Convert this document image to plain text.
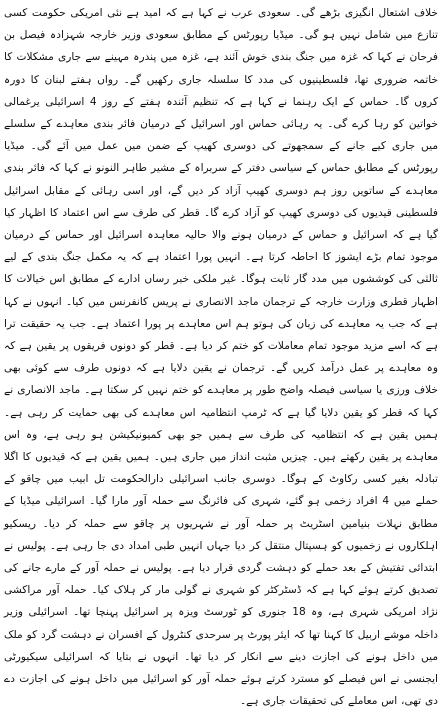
خلاف اشتعال انگیزی بڑھے گی۔ سعودی عرب نے کہا ہے کہ امید ہے نئی امریکی حکومت کسی تنازع میں شامل نہیں ہو گی۔ میڈیا رپورٹس کے مطابق سعودی وزیر خارجہ شہزادہ فیصل بن فرحان نے کہا کہ غزہ میں جنگ بندی خوش آئند ہے، غزہ میں پندرہ مہینے سے جاری مشکلات کا خاتمہ ضروری تھا، فلسطینیوں کی مدد کا سلسلہ جاری رکھیں گے۔ رواں ہفتے لبنان کا دورہ کروں گا۔ حماس کے ایک رہنما نے کہا ہے کہ تنظیم آئندہ ہفتے کے روز 4 اسرائیلی یرغمالی خواتین کو رہا کرے گی۔ یہ رہائی حماس اور اسرائیل کے درمیان فائر بندی معاہدے کے سلسلے میں جاری کیے جانے کے سمجھوتے کی دوسری کھیپ کے ضمن میں عمل میں آئے گی۔ میڈیا رپورٹس کے مطابق حماس کے سیاسی دفتر کے سربراہ کے مشیر طاہر النونو نے کہا کہ فائر بندی معاہدے کے ساتویں روز ہم دوسری کھیپ آزاد کر دیں گے، اور اسی رہائی کے مقابل اسرائیل فلسطینی قیدیوں کی دوسری کھیپ کو آزاد کرے گا۔ قطر کی طرف سے اس اعتماد کا اظہار کیا گیا ہے کہ اسرائیل و حماس کے درمیان ہونے والا حالیہ معاہدہ اسرائیل اور حماس کے درمیان موجود تمام بڑے ایشوز کا احاطہ کرتا ہے۔ انہیں پورا اعتماد ہے کہ یہ مکمل جنگ بندی کے لیے ثالثی کی کوششوں میں مدد گار ثابت ہوگا۔ غیر ملکی خبر رساں ادارے کے مطابق اس خیالات کا اظہار قطری وزارت خارجہ کے ترجمان ماجد الانصاری نے پریس کانفرنس میں کیا۔ انہوں نے کہا ہے کہ جب یہ معاہدے کی زبان کی ہوتو ہم اس معاہدے پر پورا اعتماد ہے۔ جب یہ حقیقت ترا ہے کہ اسے مزید موجود تمام معاملات کو ختم کر دیا ہے۔ قطر کو دونوں فریقوں پر یقین ہے کہ وہ معاہدے پر عمل درآمد کریں گے۔ ترجمان نے یقین دلایا ہے کہ دونوں طرف سے کوئی بھی خلاف ورزی یا سیاسی فیصلہ واضح طور پر معاہدے کو ختم نہیں کر سکتا ہے۔ ماجد الانصاری نے کہا کہ قطر کو یقین دلایا گیا ہے کہ ٹرمپ انتظامیہ اس معاہدے کی بھی حمایت کر رہی ہے۔ ہمیں یقین ہے کہ انتظامیہ کی طرف سے ہمیں جو بھی کمیونیکیشن ہو رہی ہے، وہ اس معاہدے پر یقین رکھتے ہیں۔ چیزیں مثبت انداز میں جاری ہیں۔ ہمیں یقین ہے کہ قیدیوں کا اگلا تبادلہ بغیر کسی رکاوٹ کے ہوگا۔ دوسری جانب اسرائیلی دارالحکومت تل ابیب میں چاقو کے حملے میں 4 افراد زخمی ہو گئے، شہری کی فائرنگ سے حملہ آور مارا گیا۔ اسرائیلی میڈیا کے مطابق نہلات بنیامین اسٹریٹ پر حملہ آور نے شہریوں پر چاقو سے حملہ کر دیا۔ ریسکیو اہلکاروں نے زخمیوں کو ہسپتال منتقل کر دیا جہاں انہیں طبی امداد دی جا رہی ہے۔ پولیس نے ابتدائی تفتیش کے بعد حملے کو دہشت گردی قرار دیا ہے۔ پولیس نے حملہ آور کے مارے جانے کی تصدیق کرتے ہوئے کہا ہے کہ ڈسٹرکٹر کو شہری نے گولی مار کر ہلاک کیا۔ حملہ آور مراکشی نژاد امریکی شہری ہے، وہ 18 جنوری کو ٹورسٹ ویزہ پر اسرائیل پہنچا تھا۔ اسرائیلی وزیر داخلہ موشے اربیل کا کہنا تھا کہ ایئر پورٹ پر سرحدی کنٹرول کے افسران نے دہشت گرد کو ملک میں داخل ہونے کی اجازت دینے سے انکار کر دیا تھا۔ انہوں نے بتایا کہ اسرائیلی سیکیورٹی ایجنسی نے اس فیصلے کو مسترد کرتے ہوئے حملہ آور کو اسرائیل میں داخل ہونے کی اجازت دے دی تھی، اس معاملے کی تحقیقات جاری ہے۔
